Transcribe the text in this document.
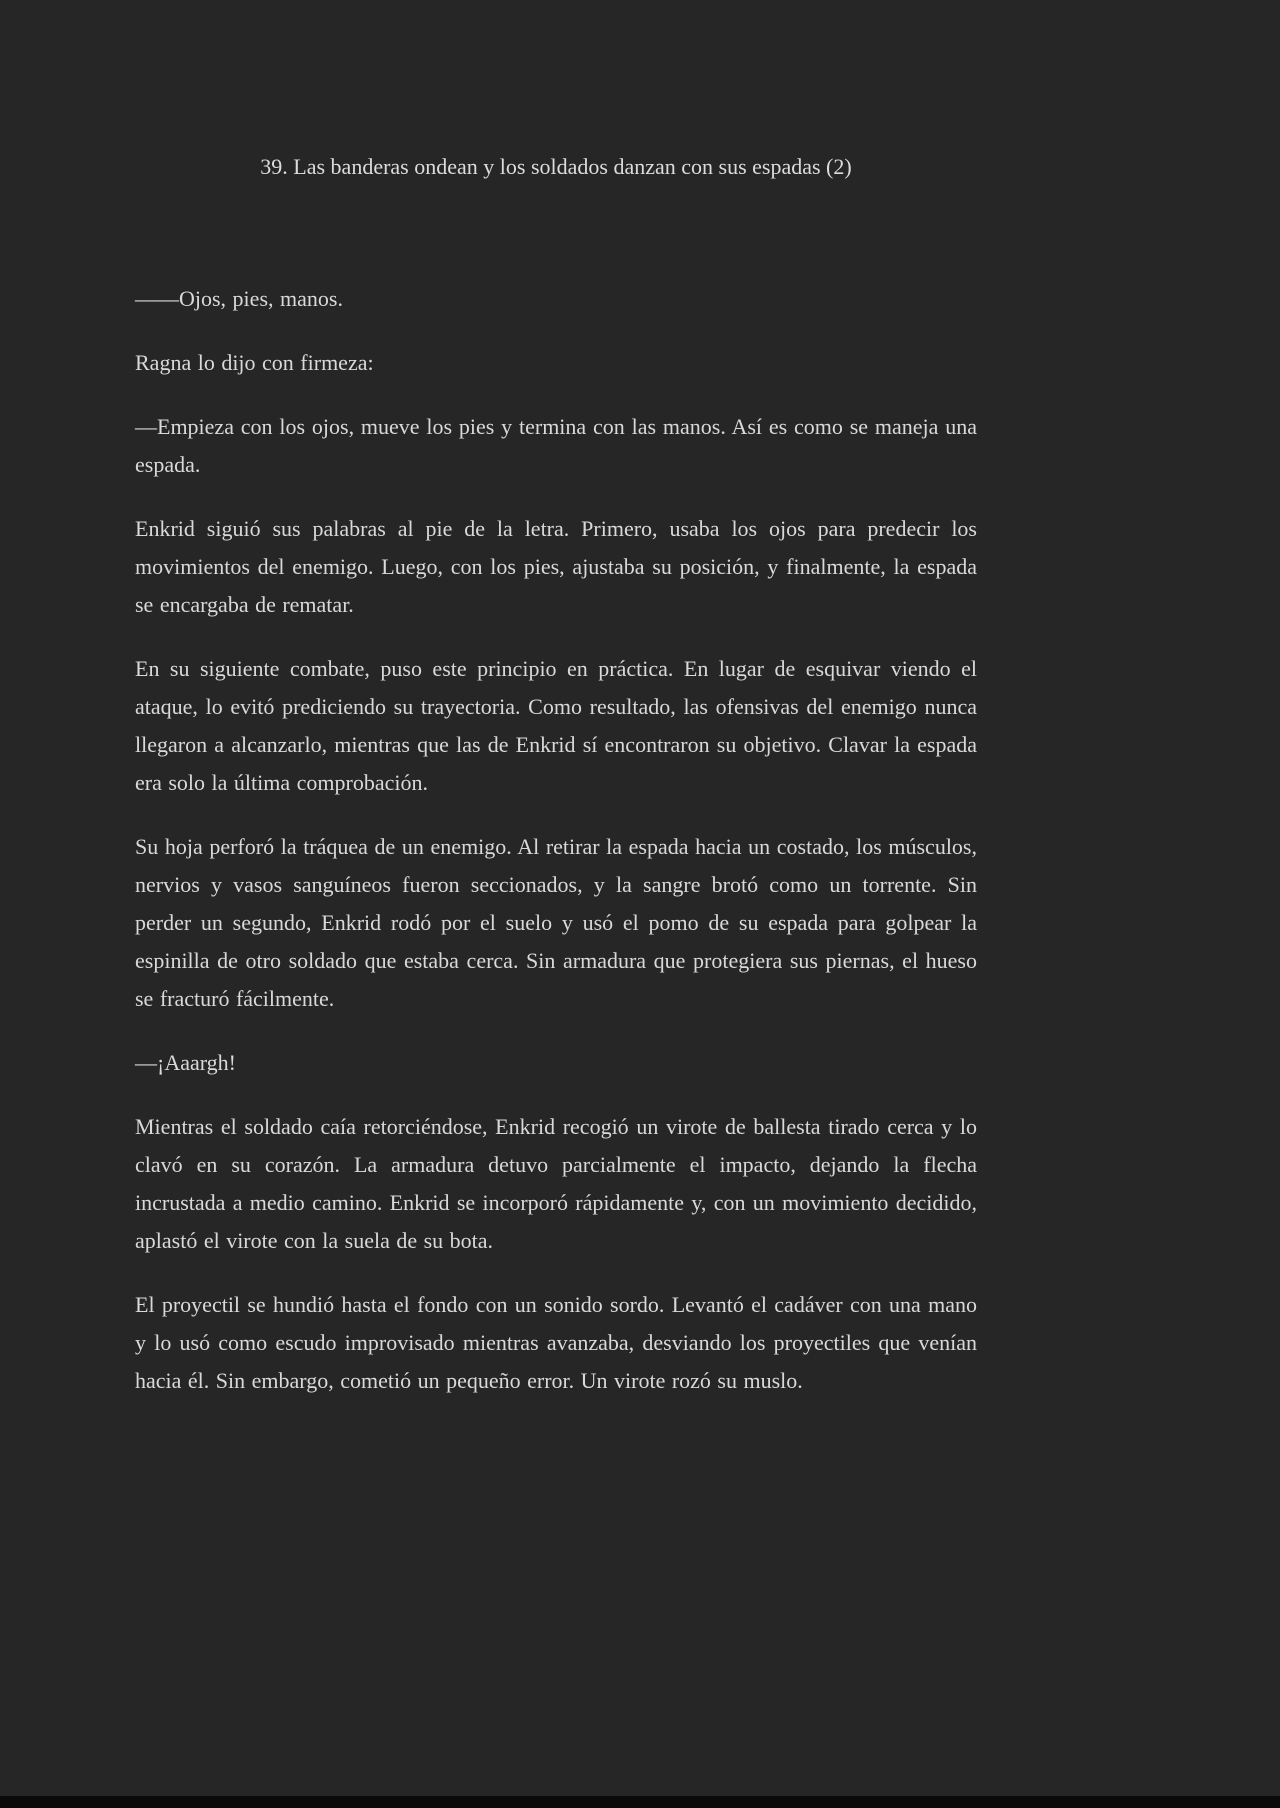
39. Las banderas ondean y los soldados danzan con sus espadas (2)

——Ojos, pies, manos.

Ragna lo dijo con firmeza:

—Empieza con los ojos, mueve los pies y termina con las manos. Así es como se maneja una espada.

Enkrid siguió sus palabras al pie de la letra. Primero, usaba los ojos para predecir los movimientos del enemigo. Luego, con los pies, ajustaba su posición, y finalmente, la espada se encargaba de rematar.

En su siguiente combate, puso este principio en práctica. En lugar de esquivar viendo el ataque, lo evitó prediciendo su trayectoria. Como resultado, las ofensivas del enemigo nunca llegaron a alcanzarlo, mientras que las de Enkrid sí encontraron su objetivo. Clavar la espada era solo la última comprobación.

Su hoja perforó la tráquea de un enemigo. Al retirar la espada hacia un costado, los músculos, nervios y vasos sanguíneos fueron seccionados, y la sangre brotó como un torrente. Sin perder un segundo, Enkrid rodó por el suelo y usó el pomo de su espada para golpear la espinilla de otro soldado que estaba cerca. Sin armadura que protegiera sus piernas, el hueso se fracturó fácilmente.

—¡Aaargh!

Mientras el soldado caía retorciéndose, Enkrid recogió un virote de ballesta tirado cerca y lo clavó en su corazón. La armadura detuvo parcialmente el impacto, dejando la flecha incrustada a medio camino. Enkrid se incorporó rápidamente y, con un movimiento decidido, aplastó el virote con la suela de su bota.

El proyectil se hundió hasta el fondo con un sonido sordo. Levantó el cadáver con una mano y lo usó como escudo improvisado mientras avanzaba, desviando los proyectiles que venían hacia él. Sin embargo, cometió un pequeño error. Un virote rozó su muslo.
